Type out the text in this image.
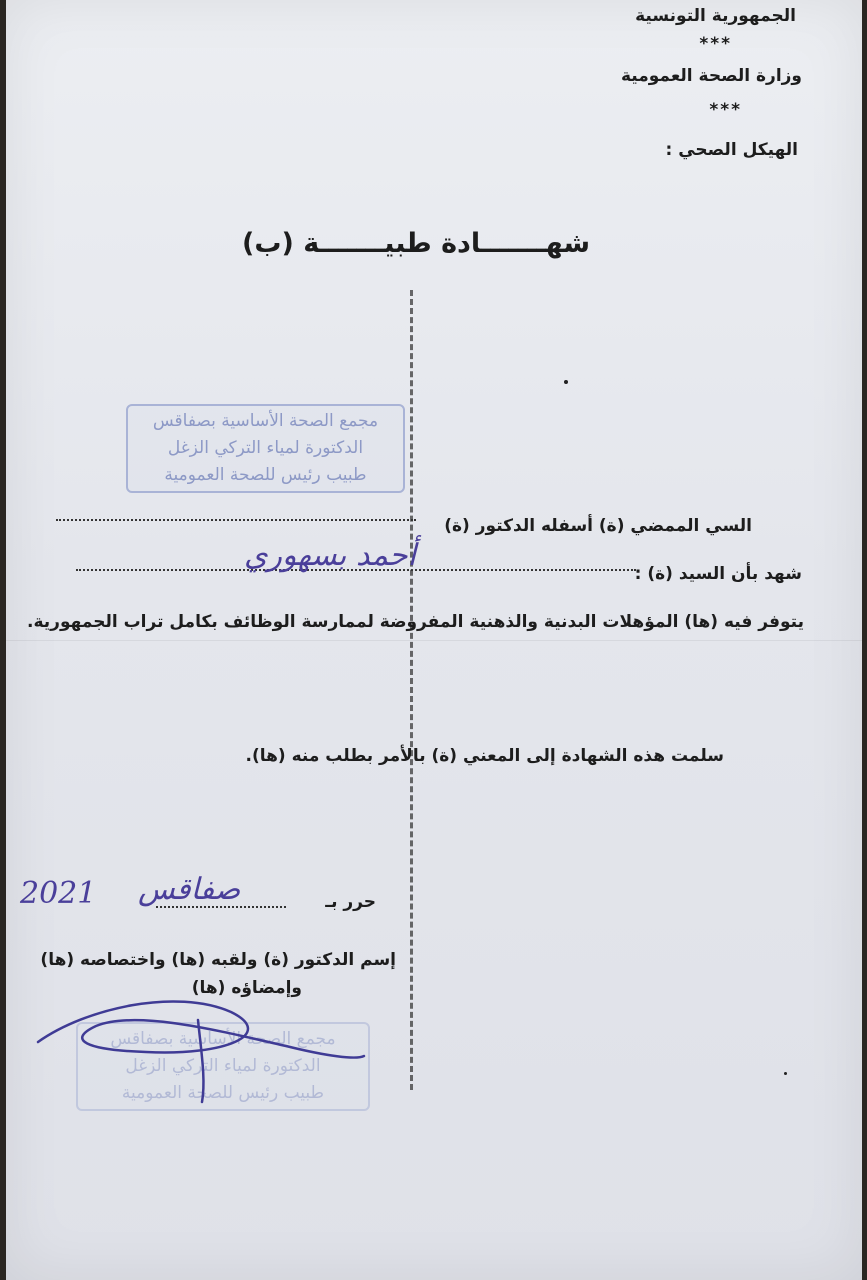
الجمهورية التونسية
***
وزارة الصحة العمومية
***
الهيكل الصحي :
شهـــــــادة طبيـــــــة (ب)
مجمع الصحة الأساسية بصفاقس
الدكتورة لمياء التركي الزغل
طبيب رئيس للصحة العمومية
السي الممضي (ة) أسفله الدكتور (ة)
شهد بأن السيد (ة) :
أحمد بسهوري
يتوفر فيه (ها) المؤهلات البدنية والذهنية المفروضة لممارسة الوظائف بكامل تراب الجمهورية.
سلمت هذه الشهادة إلى المعني (ة) بالأمر بطلب منه (ها).
حرر بـ
صفاقس
2021
إسم الدكتور (ة) ولقبه (ها) واختصاصه (ها)
وإمضاؤه (ها)
مجمع الصحة الأساسية بصفاقس
الدكتورة لمياء التركي الزغل
طبيب رئيس للصحة العمومية
